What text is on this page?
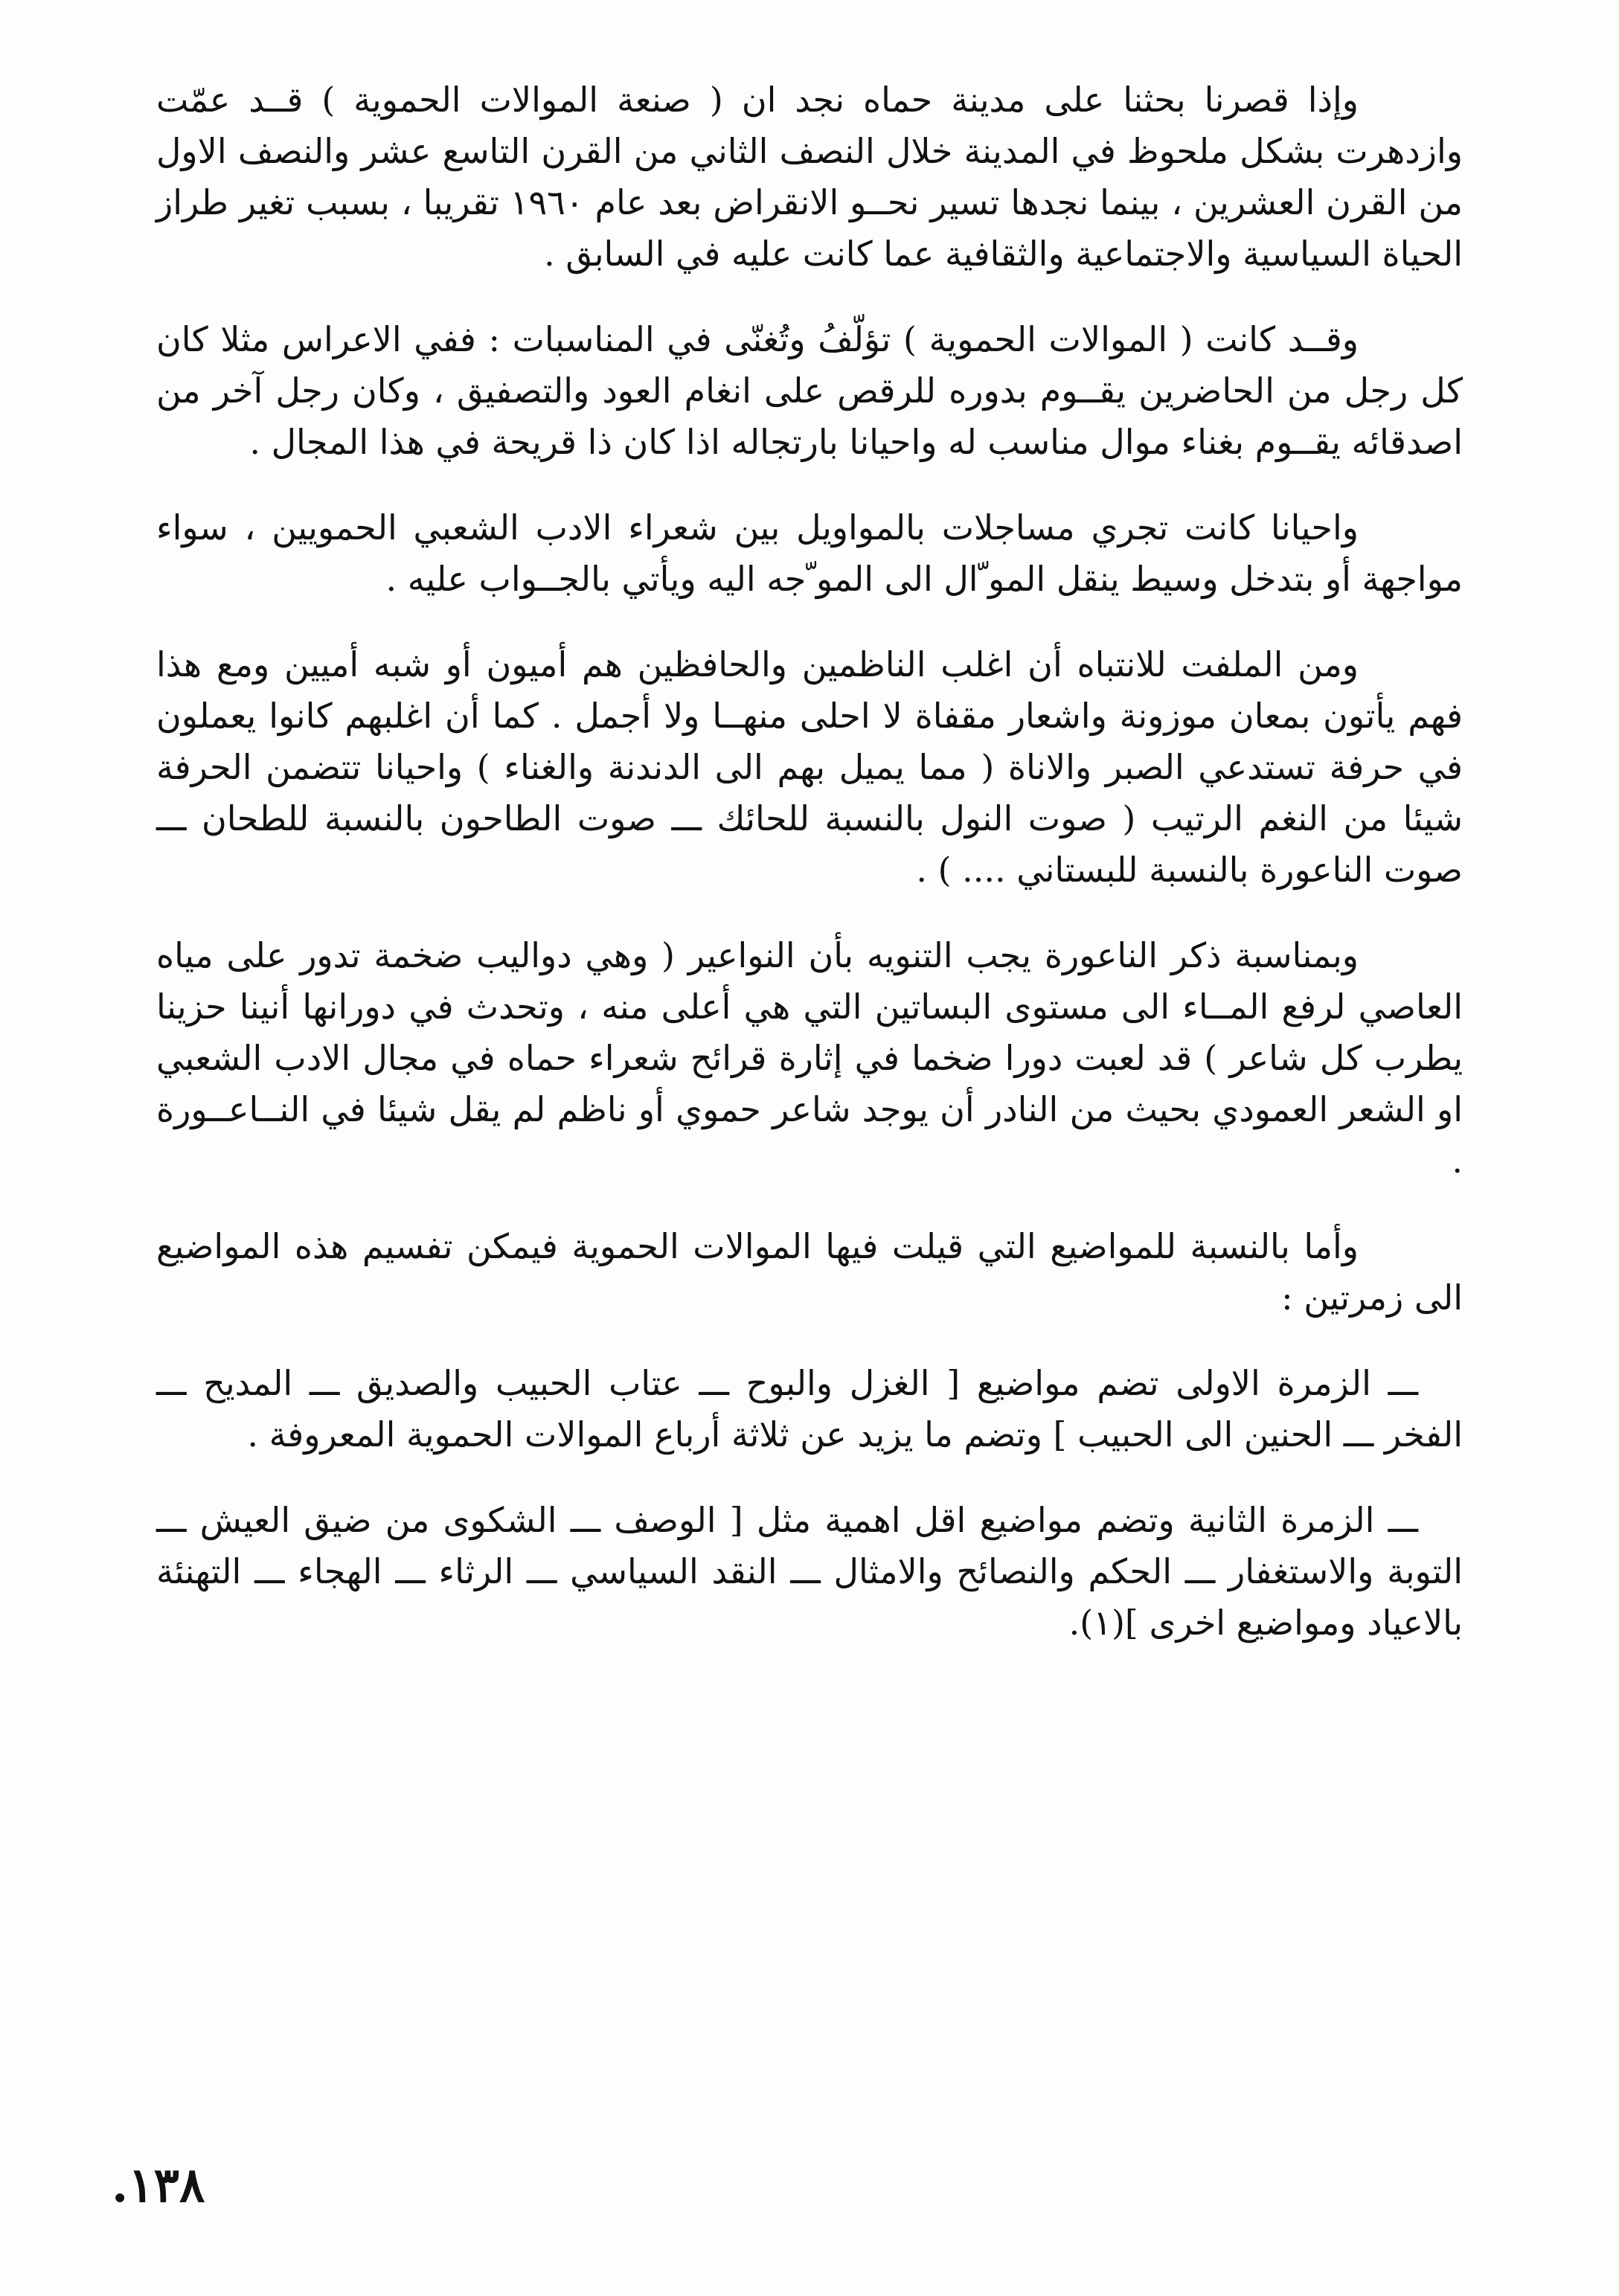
وإذا قصرنا بحثنا على مدينة حماه نجد ان ( صنعة الموالات الحموية ) قــد عمّت وازدهرت بشكل ملحوظ في المدينة خلال النصف الثاني من القرن التاسع عشر والنصف الاول من القرن العشرين ، بينما نجدها تسير نحــو الانقراض بعد عام ١٩٦٠ تقريبا ، بسبب تغير طراز الحياة السياسية والاجتماعية والثقافية عما كانت عليه في السابق .

وقــد كانت ( الموالات الحموية ) تؤلّفُ وتُغنّى في المناسبات : ففي الاعراس مثلا كان كل رجل من الحاضرين يقــوم بدوره للرقص على انغام العود والتصفيق ، وكان رجل آخر من اصدقائه يقــوم بغناء موال مناسب له واحيانا بارتجاله اذا كان ذا قريحة في هذا المجال .

واحيانا كانت تجري مساجلات بالمواويل بين شعراء الادب الشعبي الحمويين ، سواء مواجهة أو بتدخل وسيط ينقل المو ّال الى المو ّجه اليه ويأتي بالجــواب عليه .

ومن الملفت للانتباه أن اغلب الناظمين والحافظين هم أميون أو شبه أميين ومع هذا فهم يأتون بمعان موزونة واشعار مقفاة لا احلى منهــا ولا أجمل . كما أن اغلبهم كانوا يعملون في حرفة تستدعي الصبر والاناة ( مما يميل بهم الى الدندنة والغناء ) واحيانا تتضمن الحرفة شيئا من النغم الرتيب ( صوت النول بالنسبة للحائك ـــ صوت الطاحون بالنسبة للطحان ـــ صوت الناعورة بالنسبة للبستاني .... ) .

وبمناسبة ذكر الناعورة يجب التنويه بأن النواعير ( وهي دواليب ضخمة تدور على مياه العاصي لرفع المــاء الى مستوى البساتين التي هي أعلى منه ، وتحدث في دورانها أنينا حزينا يطرب كل شاعر ) قد لعبت دورا ضخما في إثارة قرائح شعراء حماه في مجال الادب الشعبي او الشعر العمودي بحيث من النادر أن يوجد شاعر حموي أو ناظم لم يقل شيئا في النــاعــورة .

وأما بالنسبة للمواضيع التي قيلت فيها الموالات الحموية فيمكن تفسيم هذه المواضيع الى زمرتين :

ـــ الزمرة الاولى تضم مواضيع [ الغزل والبوح ـــ عتاب الحبيب والصديق ـــ المديح ـــ الفخر ـــ الحنين الى الحبيب ] وتضم ما يزيد عن ثلاثة أرباع الموالات الحموية المعروفة .

ـــ الزمرة الثانية وتضم مواضيع اقل اهمية مثل [ الوصف ـــ الشكوى من ضيق العيش ـــ التوبة والاستغفار ـــ الحكم والنصائح والامثال ـــ النقد السياسي ـــ الرثاء ـــ الهجاء ـــ التهنئة بالاعياد ومواضيع اخرى ](١).

١٣٨.
